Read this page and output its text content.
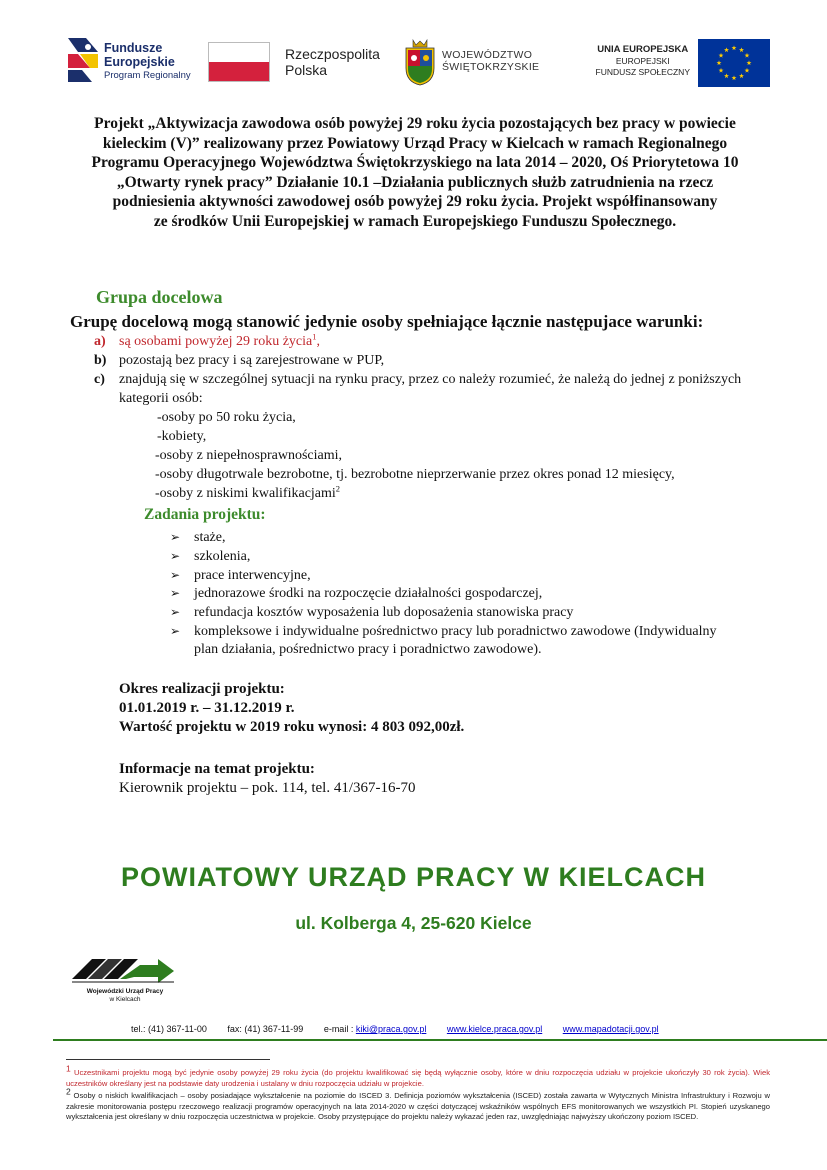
Fundusze
Europejskie
Program Regionalny
Rzeczpospolita
Polska
WOJEWÓDZTWO
ŚWIĘTOKRZYSKIE
UNIA EUROPEJSKA
EUROPEJSKI
FUNDUSZ SPOŁECZNY
Projekt „Aktywizacja zawodowa osób powyżej 29 roku życia pozostających bez pracy w powiecie
kieleckim (V)” realizowany przez Powiatowy Urząd Pracy w Kielcach w ramach Regionalnego
Programu Operacyjnego Województwa Świętokrzyskiego na lata 2014 – 2020, Oś Priorytetowa 10
„Otwarty rynek pracy” Działanie 10.1 –Działania publicznych służb zatrudnienia na rzecz
podniesienia aktywności zawodowej osób powyżej 29 roku życia. Projekt współfinansowany
ze środków Unii Europejskiej w ramach Europejskiego Funduszu Społecznego.
Grupa docelowa
Grupę docelową mogą stanowić jedynie osoby spełniające łącznie następujace warunki:
a) są osobami powyżej 29 roku życia$^1$,
b) pozostają bez pracy i są zarejestrowane w PUP,
c) znajdują się w szczególnej sytuacji na rynku pracy, przez co należy rozumieć, że należą do jednej z poniższych
kategorii osób:
-osoby po 50 roku życia,
-kobiety,
-osoby z niepełnosprawnościami,
-osoby długotrwale bezrobotne, tj. bezrobotne nieprzerwanie przez okres ponad 12 miesięcy,
-osoby z niskimi kwalifikacjami$^2$
Zadania projektu:
➢ staże,
➢ szkolenia,
➢ prace interwencyjne,
➢ jednorazowe środki na rozpoczęcie działalności gospodarczej,
➢ refundacja kosztów wyposażenia lub doposażenia stanowiska pracy
➢ kompleksowe i indywidualne pośrednictwo pracy lub poradnictwo zawodowe (Indywidualny
plan działania, pośrednictwo pracy i poradnictwo zawodowe).
Okres realizacji projektu:
01.01.2019 r. – 31.12.2019 r.
Wartość projektu w 2019 roku wynosi: 4 803 092,00zł.
Informacje na temat projektu:
Kierownik projektu – pok. 114, tel. 41/367-16-70
POWIATOWY URZĄD PRACY W KIELCACH
ul. Kolberga 4, 25-620 Kielce
Wojewódzki Urząd Pracy
w Kielcach
tel.: (41) 367-11-00 fax: (41) 367-11-99 e-mail : kiki@praca.gov.pl www.kielce.praca.gov.pl www.mapadotacji.gov.pl
1 Uczestnikami projektu mogą być jedynie osoby powyżej 29 roku życia (do projektu kwalifikować się będą wyłącznie osoby, które w dniu rozpoczęcia udziału w projekcie ukończyły 30 rok życia). Wiek uczestników określany jest na podstawie daty urodzenia i ustalany w dniu rozpoczęcia udziału w projekcie.
2 Osoby o niskich kwalifikacjach – osoby posiadające wykształcenie na poziomie do ISCED 3. Definicja poziomów wykształcenia (ISCED) została zawarta w Wytycznych Ministra Infrastruktury i Rozwoju w zakresie monitorowania postępu rzeczowego realizacji programów operacyjnych na lata 2014-2020 w części dotyczącej wskaźników wspólnych EFS monitorowanych we wszystkich PI. Stopień uzyskanego wykształcenia jest określany w dniu rozpoczęcia uczestnictwa w projekcie. Osoby przystępujące do projektu należy wykazać jeden raz, uwzględniając najwyższy ukończony poziom ISCED.
